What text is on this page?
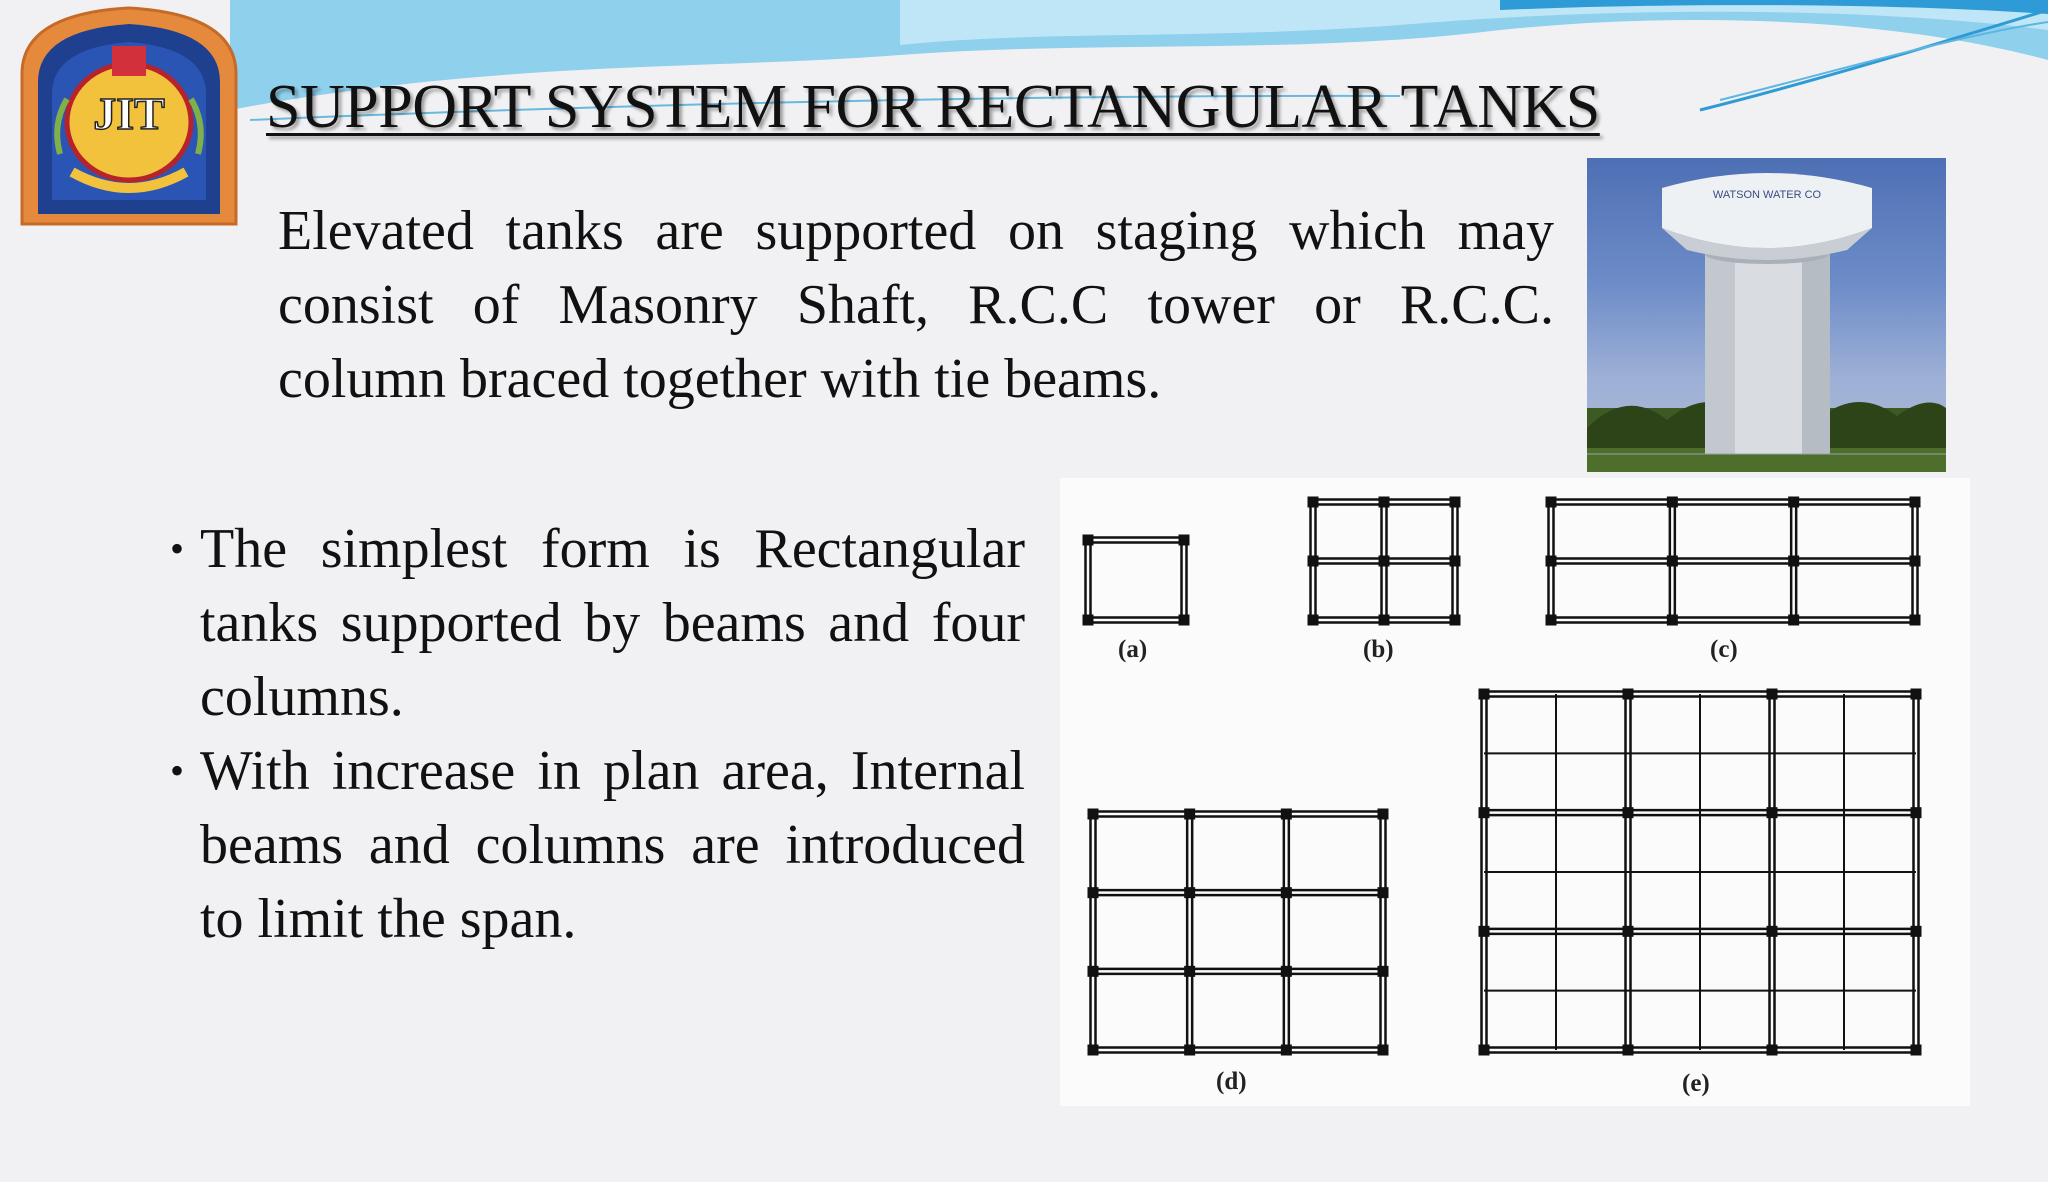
JIT SUPPORT SYSTEM FOR RECTANGULAR TANKS

Elevated tanks are supported on staging which may consist of Masonry Shaft, R.C.C tower or R.C.C. column braced together with tie beams.

• The simplest form is Rectangular tanks supported by beams and four columns.
• With increase in plan area, Internal beams and columns are introduced to limit the span.
WATSON WATER CO
(a)	(b)	(c)
(d)	(e)
